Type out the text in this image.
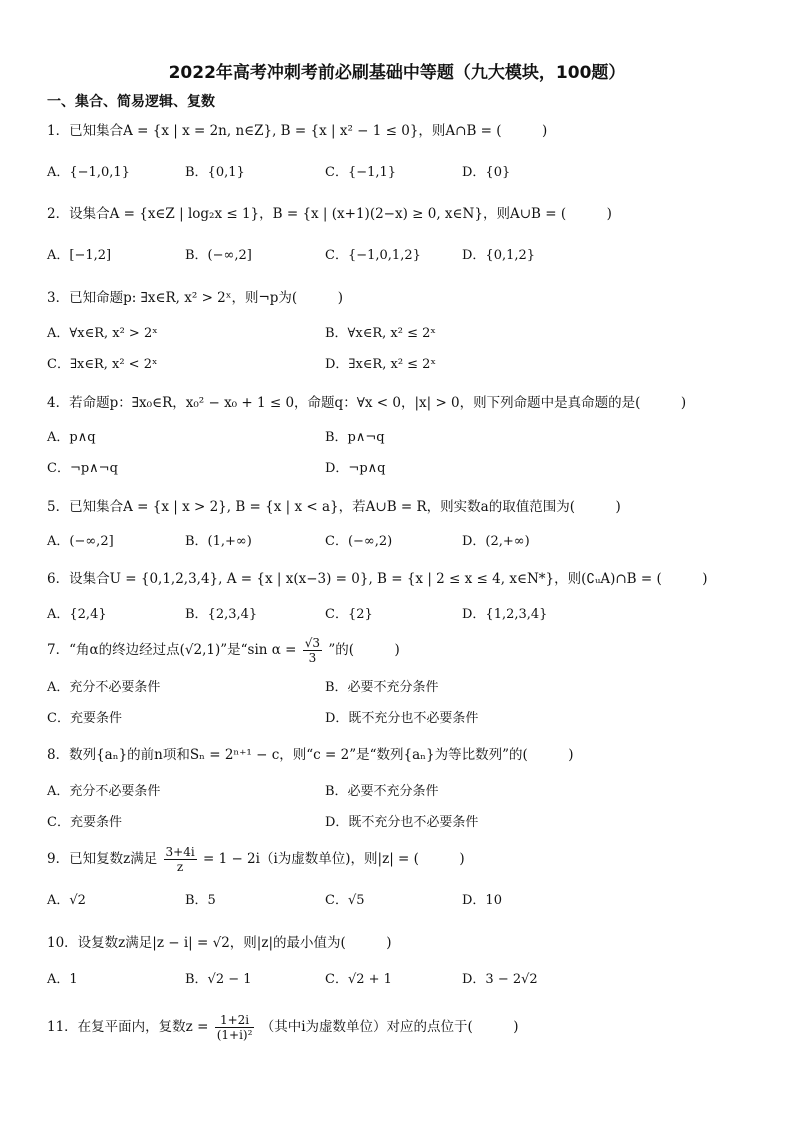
2022年高考冲刺考前必刷基础中等题（九大模块，100题）
一、集合、简易逻辑、复数
1．已知集合A = {x | x = 2n, n∈Z}, B = {x | x² − 1 ≤ 0}，则A∩B = (　　　)
A．{−1,0,1}	B．{0,1}	C．{−1,1}	D．{0}
2．设集合A = {x∈Z | log₂x ≤ 1}，B = {x | (x+1)(2−x) ≥ 0, x∈N}，则A∪B = (　　　)
A．[−1,2]	B．(−∞,2]	C．{−1,0,1,2}	D．{0,1,2}
3．已知命题p: ∃x∈R, x² > 2ˣ，则¬p为(　　　)
A．∀x∈R, x² > 2ˣ	B．∀x∈R, x² ≤ 2ˣ
C．∃x∈R, x² < 2ˣ	D．∃x∈R, x² ≤ 2ˣ
4．若命题p：∃x₀∈R，x₀² − x₀ + 1 ≤ 0，命题q：∀x < 0，|x| > 0，则下列命题中是真命题的是(　　　)
A．p∧q	B．p∧¬q
C．¬p∧¬q	D．¬p∧q
5．已知集合A = {x | x > 2}, B = {x | x < a}，若A∪B = R，则实数a的取值范围为(　　　)
A．(−∞,2]	B．(1,+∞)	C．(−∞,2)	D．(2,+∞)
6．设集合U = {0,1,2,3,4}, A = {x | x(x−3) = 0}, B = {x | 2 ≤ x ≤ 4, x∈N*}，则(∁ᵤA)∩B = (　　　)
A．{2,4}	B．{2,3,4}	C．{2}	D．{1,2,3,4}
7．“角α的终边经过点(√2,1)”是“sin $\alpha = \frac{√3}{3}$ ”的(　　　)
A．充分不必要条件	B．必要不充分条件
C．充要条件	D．既不充分也不必要条件
8．数列{aₙ}的前n项和Sₙ = 2ⁿ⁺¹ − c，则“c = 2”是“数列{aₙ}为等比数列”的(　　　)
A．充分不必要条件	B．必要不充分条件
C．充要条件	D．既不充分也不必要条件
9．已知复数z满足 $\frac{3+4i}{z} = 1 - 2i(i$为虚数单位)，则|z| = (　　　)
A．√2	B．5	C．√5	D．10
10．设复数z满足|z − i| = √2，则|z|的最小值为(　　　)
A．1	B．√2 − 1	C．√2 + 1	D．3 − 2√2
11．在复平面内，复数$z = \frac{1+2i}{\text{(1+i)²}}$ （其中i为虚数单位）对应的点位于(　　　)
